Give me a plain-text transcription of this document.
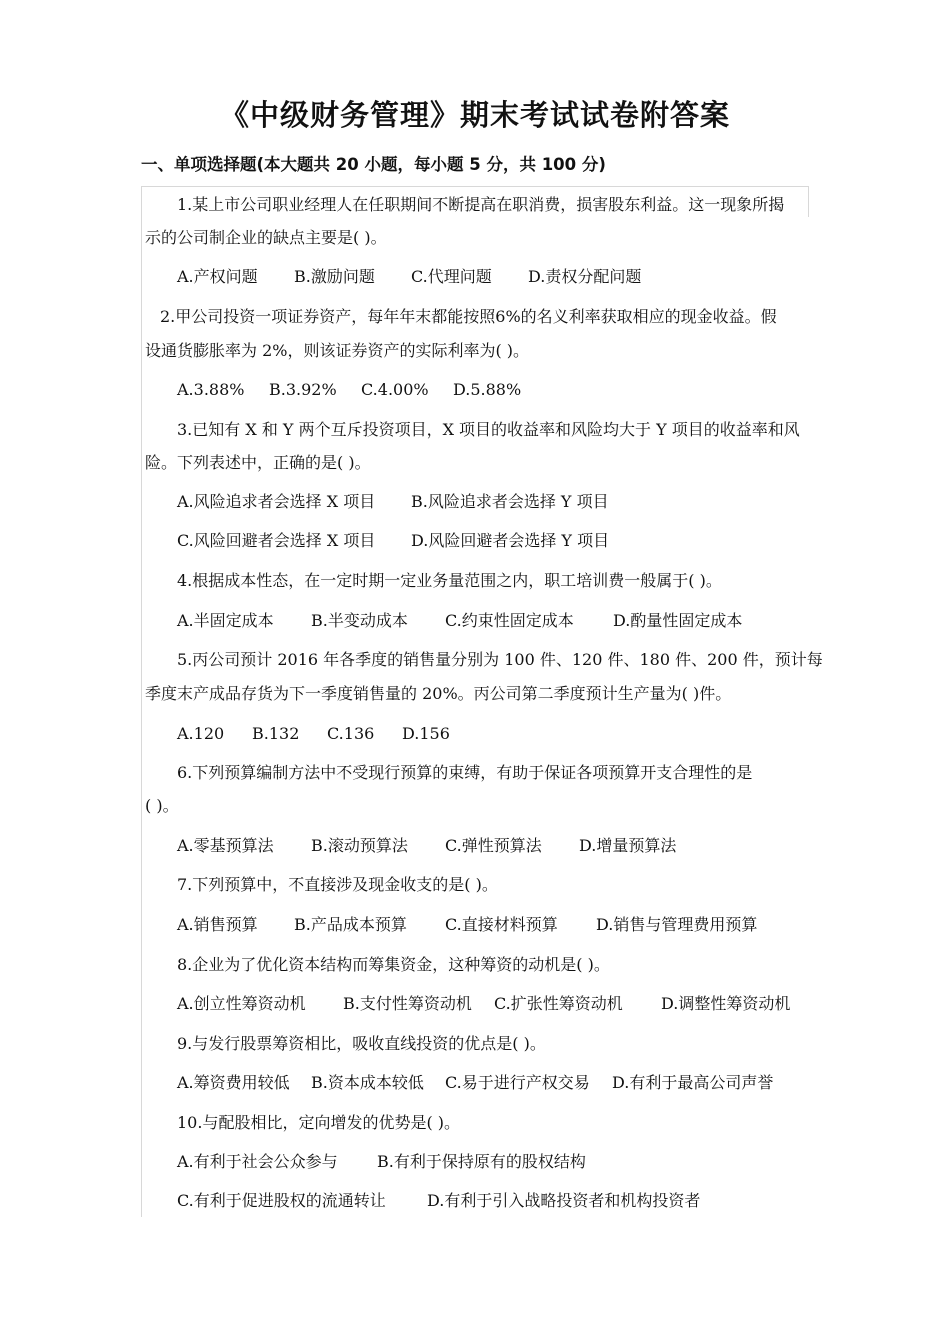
《中级财务管理》期末考试试卷附答案
一、单项选择题(本大题共 20 小题，每小题 5 分，共 100 分)
1.某上市公司职业经理人在任职期间不断提高在职消费，损害股东利益。这一现象所揭
示的公司制企业的缺点主要是( )。
A.产权问题 B.激励问题 C.代理问题 D.责权分配问题
2.甲公司投资一项证券资产，每年年末都能按照6%的名义利率获取相应的现金收益。假
设通货膨胀率为 2%，则该证券资产的实际利率为( )。
A.3.88% B.3.92% C.4.00% D.5.88%
3.已知有 X 和 Y 两个互斥投资项目，X 项目的收益率和风险均大于 Y 项目的收益率和风
险。下列表述中，正确的是( )。
A.风险追求者会选择 X 项目 B.风险追求者会选择 Y 项目
C.风险回避者会选择 X 项目 D.风险回避者会选择 Y 项目
4.根据成本性态，在一定时期一定业务量范围之内，职工培训费一般属于( )。
A.半固定成本 B.半变动成本 C.约束性固定成本 D.酌量性固定成本
5.丙公司预计 2016 年各季度的销售量分别为 100 件、120 件、180 件、200 件，预计每
季度末产成品存货为下一季度销售量的 20%。丙公司第二季度预计生产量为( )件。
A.120 B.132 C.136 D.156
6.下列预算编制方法中不受现行预算的束缚，有助于保证各项预算开支合理性的是
( )。
A.零基预算法 B.滚动预算法 C.弹性预算法 D.增量预算法
7.下列预算中，不直接涉及现金收支的是( )。
A.销售预算 B.产品成本预算 C.直接材料预算 D.销售与管理费用预算
8.企业为了优化资本结构而筹集资金，这种筹资的动机是( )。
A.创立性筹资动机 B.支付性筹资动机 C.扩张性筹资动机 D.调整性筹资动机
9.与发行股票筹资相比，吸收直线投资的优点是( )。
A.筹资费用较低 B.资本成本较低 C.易于进行产权交易 D.有利于最高公司声誉
10.与配股相比，定向增发的优势是( )。
A.有利于社会公众参与 B.有利于保持原有的股权结构
C.有利于促进股权的流通转让	D.有利于引入战略投资者和机构投资者
